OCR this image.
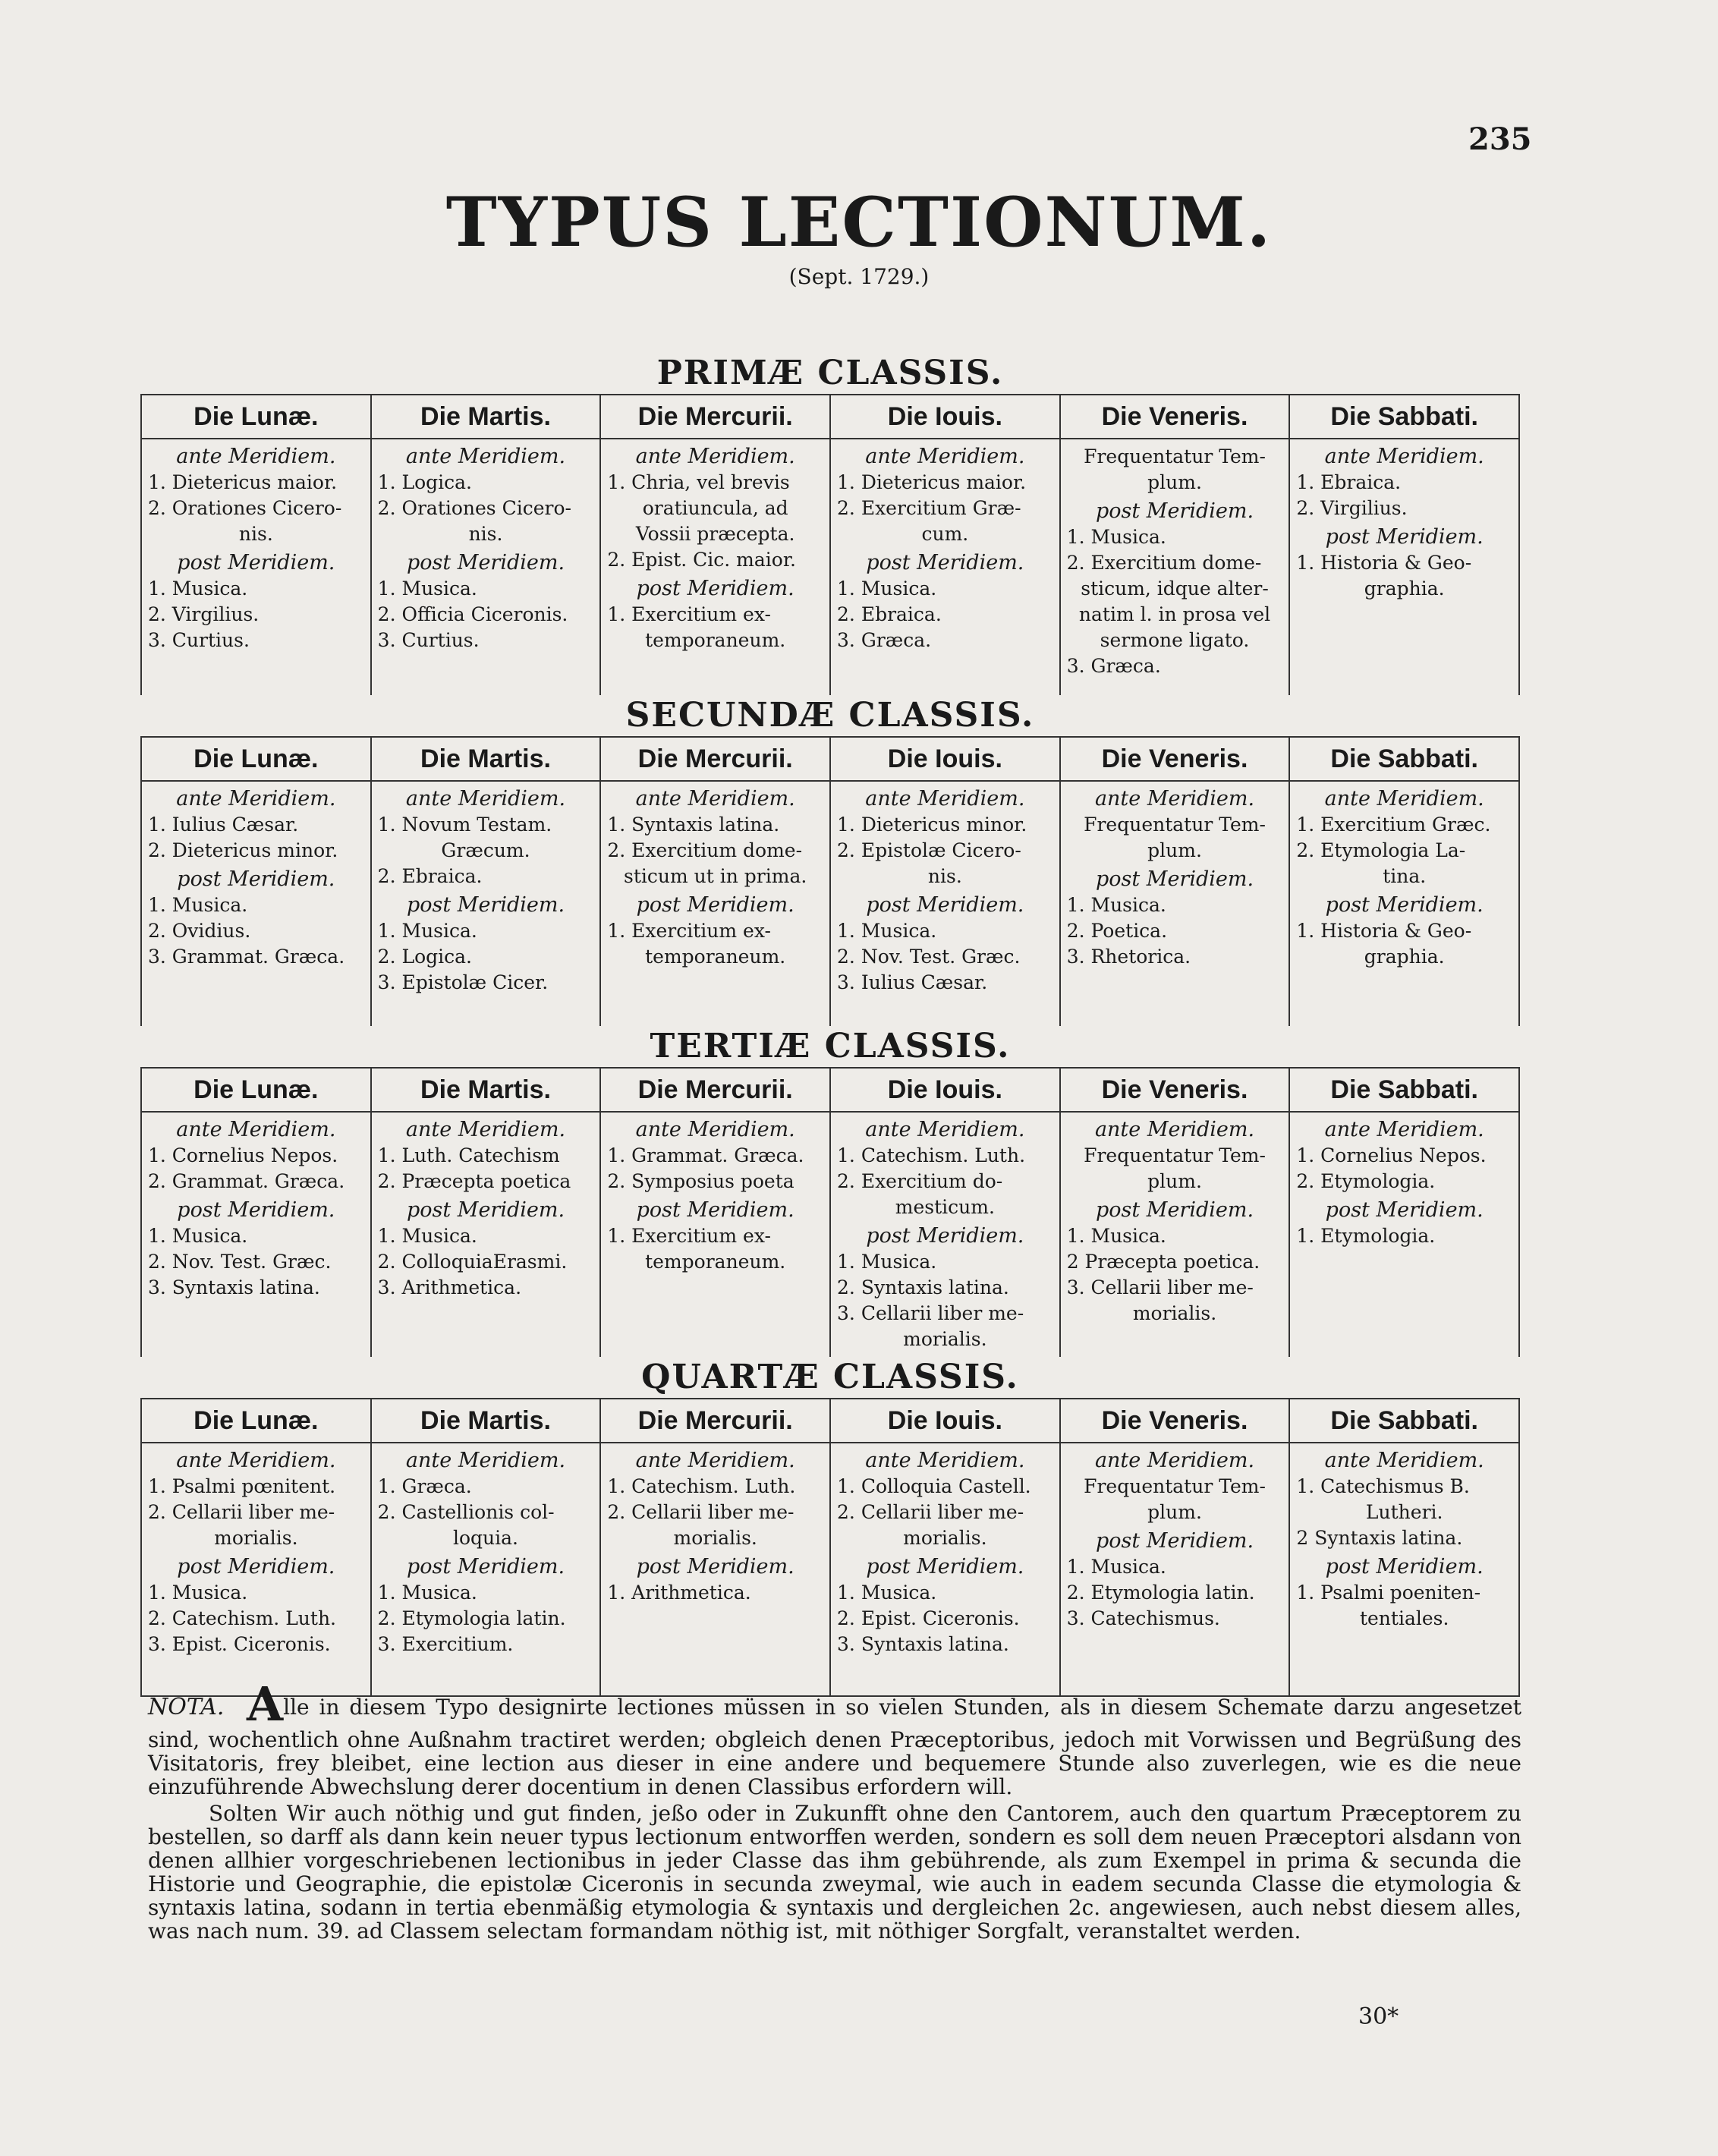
235
TYPUS LECTIONUM.
(Sept. 1729.)
PRIMÆ CLASSIS.
Die Lunæ.
ante Meridiem.
1. Dietericus maior.
2. Orationes Cicero-
nis.
post Meridiem.
1. Musica.
2. Virgilius.
3. Curtius.
Die Martis.
ante Meridiem.
1. Logica.
2. Orationes Cicero-
nis.
post Meridiem.
1. Musica.
2. Officia Ciceronis.
3. Curtius.
Die Mercurii.
ante Meridiem.
1. Chria, vel brevis
oratiuncula, ad
Vossii præcepta.
2. Epist. Cic. maior.
post Meridiem.
1. Exercitium ex-
temporaneum.
Die Iouis.
ante Meridiem.
1. Dietericus maior.
2. Exercitium Græ-
cum.
post Meridiem.
1. Musica.
2. Ebraica.
3. Græca.
Die Veneris.
Frequentatur Tem-
plum.
post Meridiem.
1. Musica.
2. Exercitium dome-
sticum, idque alter-
natim l. in prosa vel
sermone ligato.
3. Græca.
Die Sabbati.
ante Meridiem.
1. Ebraica.
2. Virgilius.
post Meridiem.
1. Historia & Geo-
graphia.
SECUNDÆ CLASSIS.
Die Lunæ.
ante Meridiem.
1. Iulius Cæsar.
2. Dietericus minor.
post Meridiem.
1. Musica.
2. Ovidius.
3. Grammat. Græca.
Die Martis.
ante Meridiem.
1. Novum Testam.
Græcum.
2. Ebraica.
post Meridiem.
1. Musica.
2. Logica.
3. Epistolæ Cicer.
Die Mercurii.
ante Meridiem.
1. Syntaxis latina.
2. Exercitium dome-
sticum ut in prima.
post Meridiem.
1. Exercitium ex-
temporaneum.
Die Iouis.
ante Meridiem.
1. Dietericus minor.
2. Epistolæ Cicero-
nis.
post Meridiem.
1. Musica.
2. Nov. Test. Græc.
3. Iulius Cæsar.
Die Veneris.
ante Meridiem.
Frequentatur Tem-
plum.
post Meridiem.
1. Musica.
2. Poetica.
3. Rhetorica.
Die Sabbati.
ante Meridiem.
1. Exercitium Græc.
2. Etymologia La-
tina.
post Meridiem.
1. Historia & Geo-
graphia.
TERTIÆ CLASSIS.
Die Lunæ.
ante Meridiem.
1. Cornelius Nepos.
2. Grammat. Græca.
post Meridiem.
1. Musica.
2. Nov. Test. Græc.
3. Syntaxis latina.
Die Martis.
ante Meridiem.
1. Luth. Catechism
2. Præcepta poetica
post Meridiem.
1. Musica.
2. ColloquiaErasmi.
3. Arithmetica.
Die Mercurii.
ante Meridiem.
1. Grammat. Græca.
2. Symposius poeta
post Meridiem.
1. Exercitium ex-
temporaneum.
Die Iouis.
ante Meridiem.
1. Catechism. Luth.
2. Exercitium do-
mesticum.
post Meridiem.
1. Musica.
2. Syntaxis latina.
3. Cellarii liber me-
morialis.
Die Veneris.
ante Meridiem.
Frequentatur Tem-
plum.
post Meridiem.
1. Musica.
2 Præcepta poetica.
3. Cellarii liber me-
morialis.
Die Sabbati.
ante Meridiem.
1. Cornelius Nepos.
2. Etymologia.
post Meridiem.
1. Etymologia.
QUARTÆ CLASSIS.
Die Lunæ.
ante Meridiem.
1. Psalmi pœnitent.
2. Cellarii liber me-
morialis.
post Meridiem.
1. Musica.
2. Catechism. Luth.
3. Epist. Ciceronis.
Die Martis.
ante Meridiem.
1. Græca.
2. Castellionis col-
loquia.
post Meridiem.
1. Musica.
2. Etymologia latin.
3. Exercitium.
Die Mercurii.
ante Meridiem.
1. Catechism. Luth.
2. Cellarii liber me-
morialis.
post Meridiem.
1. Arithmetica.
Die Iouis.
ante Meridiem.
1. Colloquia Castell.
2. Cellarii liber me-
morialis.
post Meridiem.
1. Musica.
2. Epist. Ciceronis.
3. Syntaxis latina.
Die Veneris.
ante Meridiem.
Frequentatur Tem-
plum.
post Meridiem.
1. Musica.
2. Etymologia latin.
3. Catechismus.
Die Sabbati.
ante Meridiem.
1. Catechismus B.
Lutheri.
2 Syntaxis latina.
post Meridiem.
1. Psalmi poeniten-
tentiales.

NOTA. Alle in diesem Typo designirte lectiones müssen in so vielen Stunden, als in diesem Schemate darzu angesetzet sind, wochentlich ohne Außnahm tractiret werden; obgleich denen Præceptoribus, jedoch mit Vorwissen und Begrüßung des Visitatoris, frey bleibet, eine lection aus dieser in eine andere und bequemere Stunde also zuverlegen, wie es die neue einzuführende Abwechslung derer docentium in denen Classibus erfordern will.

Solten Wir auch nöthig und gut finden, jeßo oder in Zukunfft ohne den Cantorem, auch den quartum Præceptorem zu bestellen, so darff als dann kein neuer typus lectionum entworffen werden, sondern es soll dem neuen Præceptori alsdann von denen allhier vorgeschriebenen lectionibus in jeder Classe das ihm gebührende, als zum Exempel in prima & secunda die Historie und Geographie, die epistolæ Ciceronis in secunda zweymal, wie auch in eadem secunda Classe die etymologia & syntaxis latina, sodann in tertia ebenmäßig etymologia & syntaxis und dergleichen 2c. angewiesen, auch nebst diesem alles, was nach num. 39. ad Classem selectam formandam nöthig ist, mit nöthiger Sorgfalt, veranstaltet werden.

30*
